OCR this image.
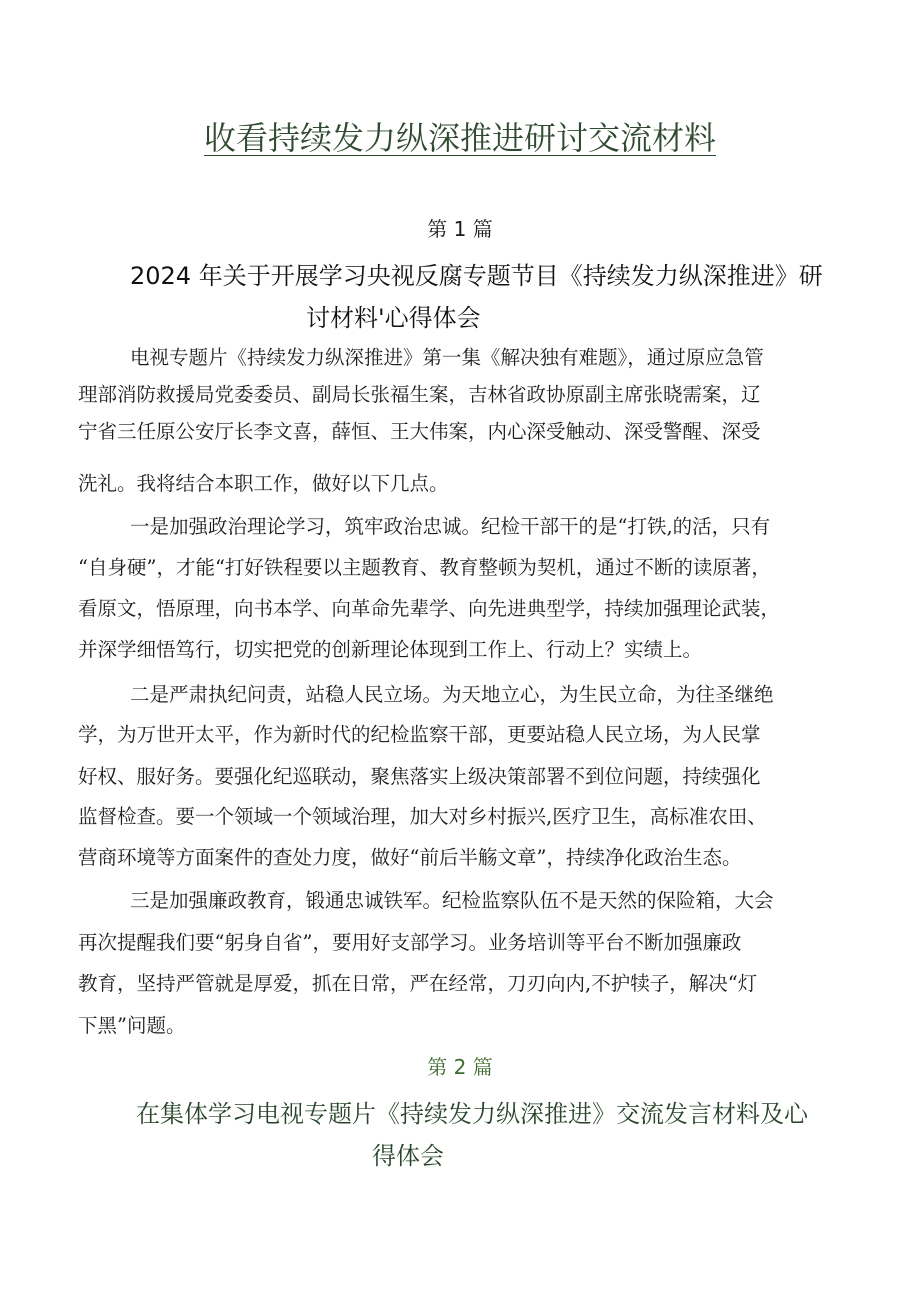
收看持续发力纵深推进研讨交流材料
第 1 篇
2024 年关于开展学习央视反腐专题节目《持续发力纵深推进》研
讨材料'心得体会
电视专题片《持续发力纵深推进》第一集《解决独有难题》，通过原应急管
理部消防救援局党委委员、副局长张福生案，吉林省政协原副主席张晓需案，辽
宁省三任原公安厅长李文喜，薛恒、王大伟案，内心深受触动、深受警醒、深受
洗礼。我将结合本职工作，做好以下几点。
一是加强政治理论学习，筑牢政治忠诚。纪检干部干的是“打铁,的活，只有
“自身硬”，才能“打好铁程要以主题教育、教育整顿为契机，通过不断的读原著，
看原文，悟原理，向书本学、向革命先辈学、向先进典型学，持续加强理论武装，
并深学细悟笃行，切实把党的创新理论体现到工作上、行动上？实绩上。
二是严肃执纪问责，站稳人民立场。为天地立心，为生民立命，为往圣继绝
学，为万世开太平，作为新时代的纪检监察干部，更要站稳人民立场，为人民掌
好权、服好务。要强化纪巡联动，聚焦落实上级决策部署不到位问题，持续强化
监督检查。要一个领域一个领域治理，加大对乡村振兴,医疗卫生，高标准农田、
营商环境等方面案件的查处力度，做好“前后半觞文章”，持续净化政治生态。
三是加强廉政教育，锻通忠诚铁军。纪检监察队伍不是天然的保险箱，大会
再次提醒我们要“躬身自省”，要用好支部学习。业务培训等平台不断加强廉政
教育，坚持严管就是厚爱，抓在日常，严在经常，刀刃向内,不护犊子，解决“灯
下黑”问题。
第 2 篇
在集体学习电视专题片《持续发力纵深推进》交流发言材料及心
得体会
